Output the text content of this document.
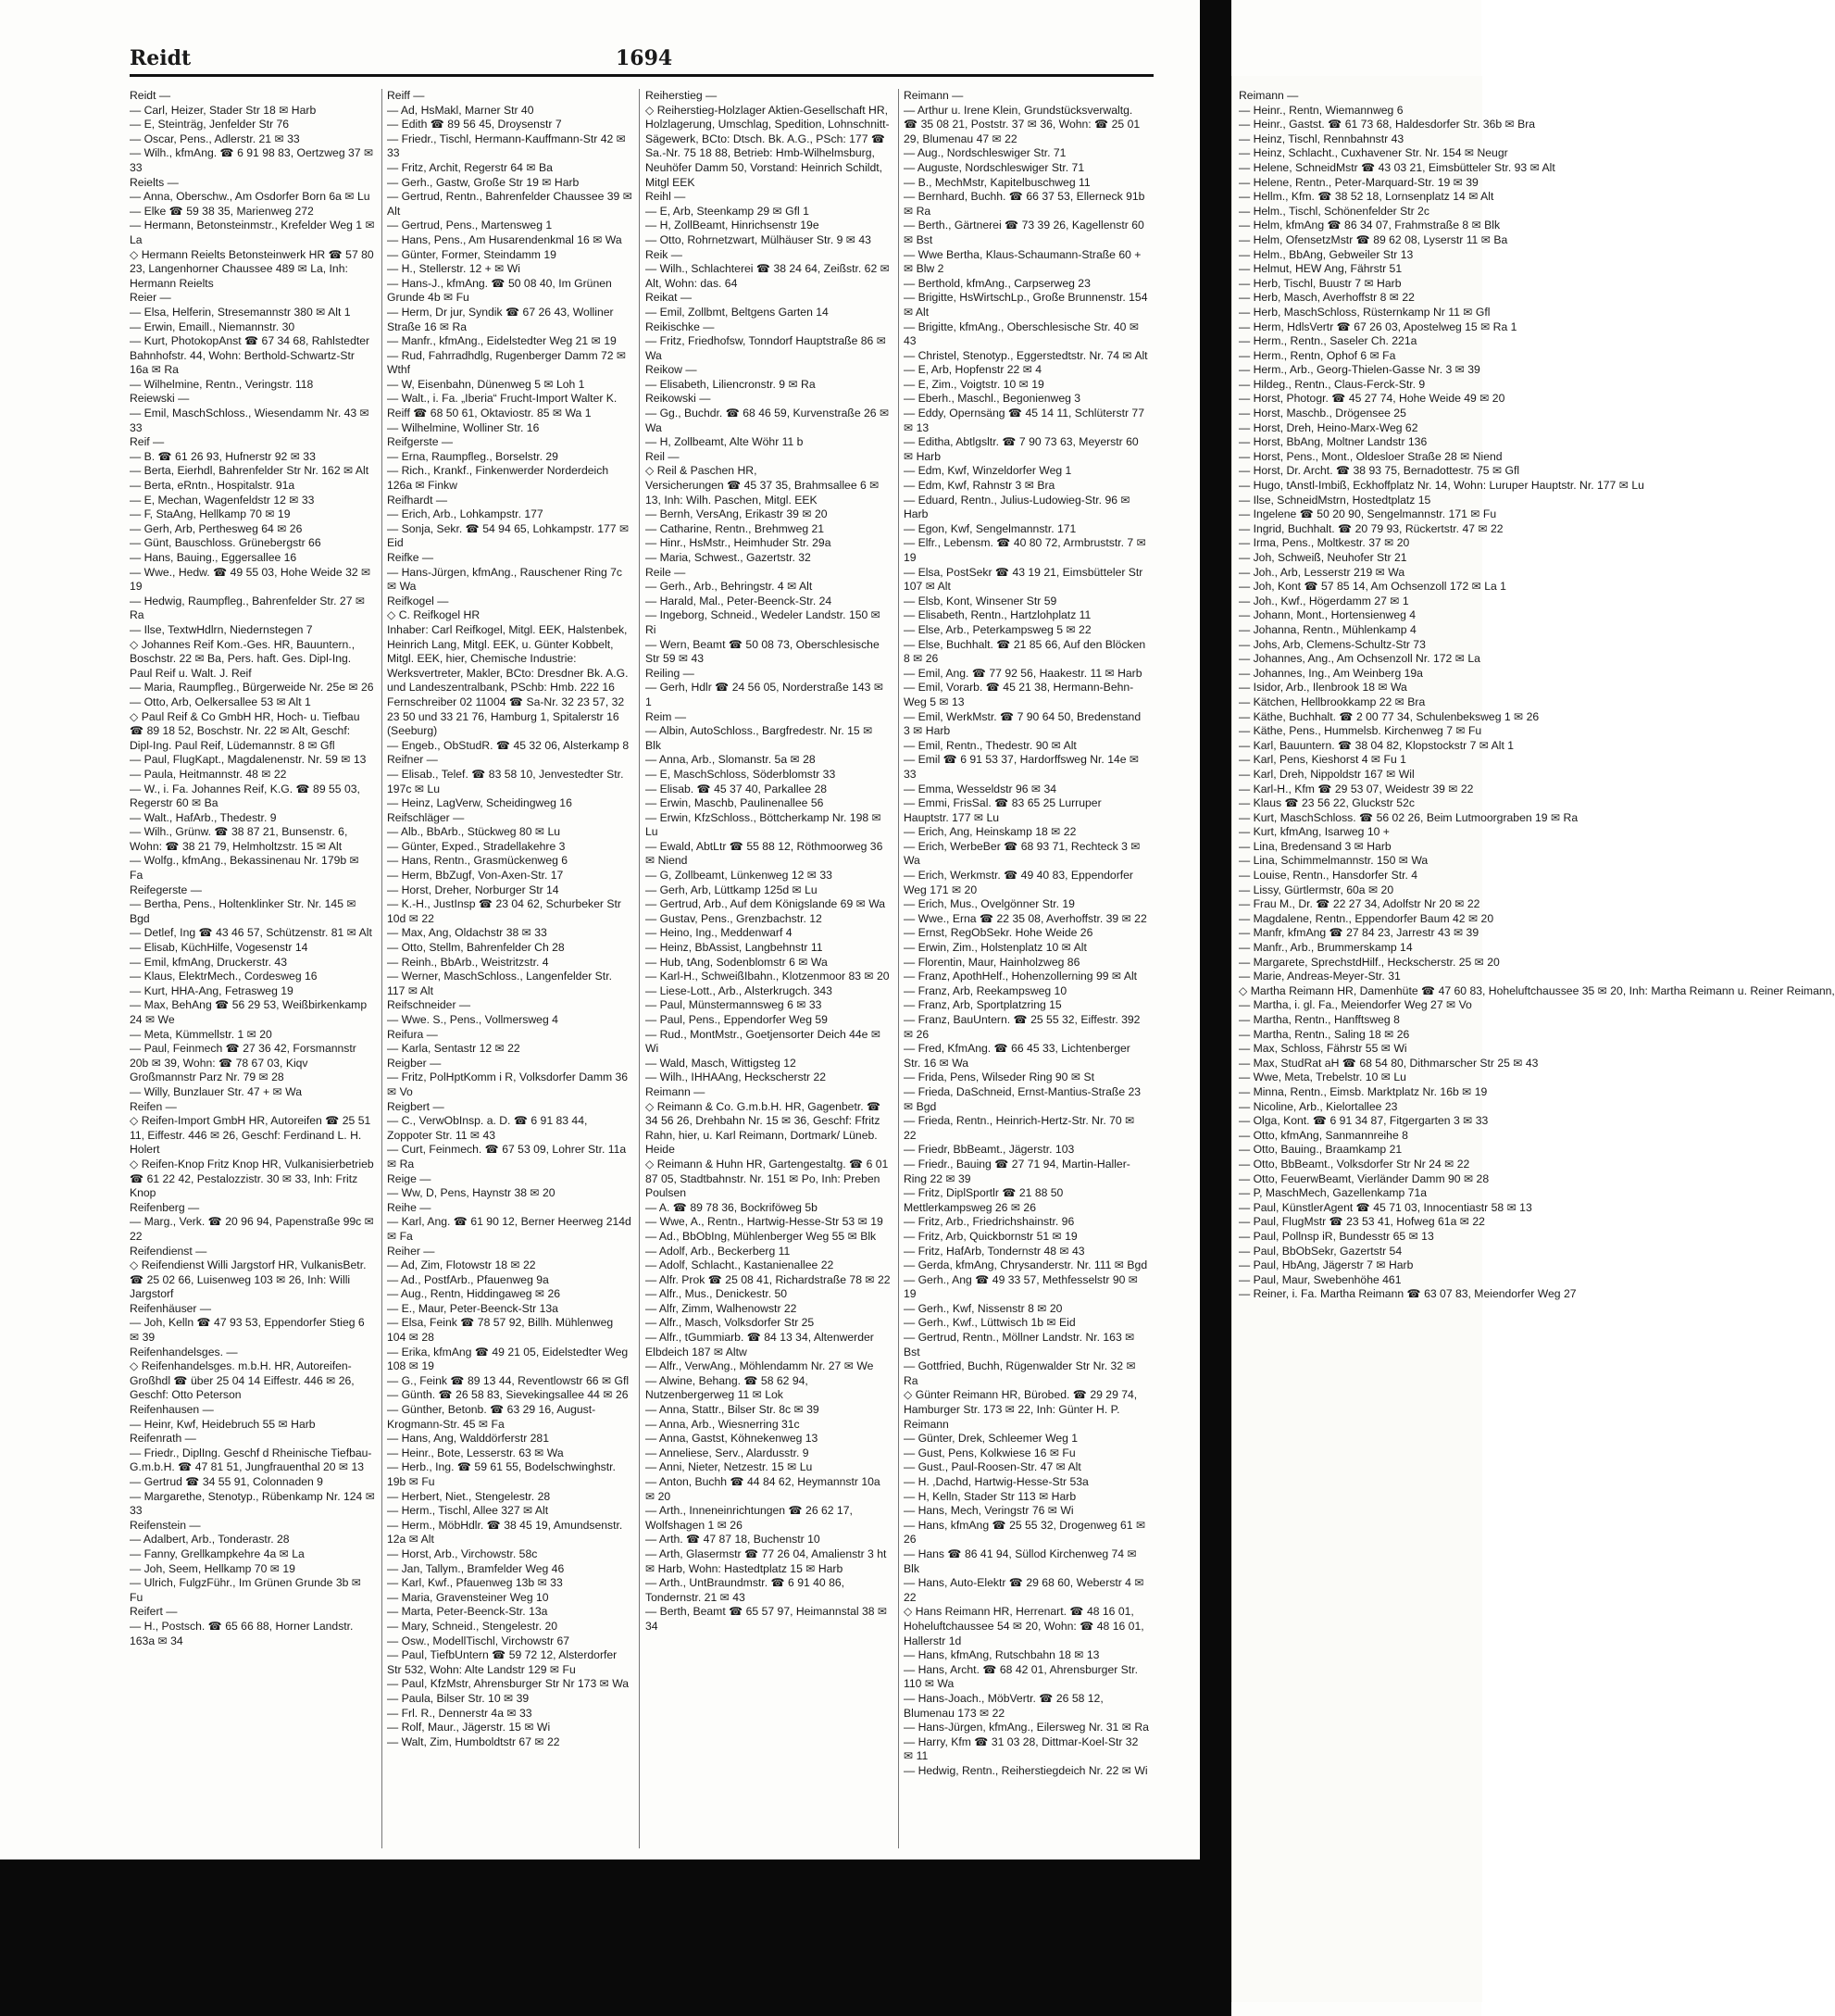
Reidt	1694

Reidt —

— Carl, Heizer, Stader Str 18 ✉ Harb

— E, Steinträg, Jenfelder Str 76

— Oscar, Pens., Adlerstr. 21 ✉ 33

— Wilh., kfmAng. ☎ 6 91 98 83, Oertzweg 37 ✉ 33

Reielts —

— Anna, Oberschw., Am Osdorfer Born 6a ✉ Lu

— Elke ☎ 59 38 35, Marienweg 272

— Hermann, Betonsteinmstr., Krefelder Weg 1 ✉ La

◇ Hermann Reielts Betonsteinwerk HR ☎ 57 80 23, Langenhorner Chaussee 489 ✉ La, Inh: Hermann Reielts

Reier —

— Elsa, Helferin, Stresemannstr 380 ✉ Alt 1

— Erwin, Emaill., Niemannstr. 30

— Kurt, PhotokopAnst ☎ 67 34 68, Rahlstedter Bahnhofstr. 44, Wohn: Berthold-Schwartz-Str 16a ✉ Ra

— Wilhelmine, Rentn., Veringstr. 118

Reiewski —

— Emil, MaschSchloss., Wiesendamm Nr. 43 ✉ 33

Reif —

— B. ☎ 61 26 93, Hufnerstr 92 ✉ 33

— Berta, Eierhdl, Bahrenfelder Str Nr. 162 ✉ Alt

— Berta, eRntn., Hospitalstr. 91a

— E, Mechan, Wagenfeldstr 12 ✉ 33

— F, StaAng, Hellkamp 70 ✉ 19

— Gerh, Arb, Perthesweg 64 ✉ 26

— Günt, Bauschloss. Grünebergstr 66

— Hans, Bauing., Eggersallee 16

— Wwe., Hedw. ☎ 49 55 03, Hohe Weide 32 ✉ 19

— Hedwig, Raumpfleg., Bahrenfelder Str. 27 ✉ Ra

— Ilse, TextwHdlrn, Niedernstegen 7

◇ Johannes Reif Kom.-Ges. HR, Bauuntern., Boschstr. 22 ✉ Ba, Pers. haft. Ges. Dipl-Ing. Paul Reif u. Walt. J. Reif

— Maria, Raumpfleg., Bürgerweide Nr. 25e ✉ 26

— Otto, Arb, Oelkersallee 53 ✉ Alt 1

◇ Paul Reif & Co GmbH HR, Hoch- u. Tiefbau ☎ 89 18 52, Boschstr. Nr. 22 ✉ Alt, Geschf: Dipl-Ing. Paul Reif, Lüdemannstr. 8 ✉ Gfl

— Paul, FlugKapt., Magdalenenstr. Nr. 59 ✉ 13

— Paula, Heitmannstr. 48 ✉ 22

— W., i. Fa. Johannes Reif, K.G. ☎ 89 55 03, Regerstr 60 ✉ Ba

— Walt., HafArb., Thedestr. 9

— Wilh., Grünw. ☎ 38 87 21, Bunsenstr. 6, Wohn: ☎ 38 21 79, Helmholtzstr. 15 ✉ Alt

— Wolfg., kfmAng., Bekassinenau Nr. 179b ✉ Fa

Reifegerste —

— Bertha, Pens., Holtenklinker Str. Nr. 145 ✉ Bgd

— Detlef, Ing ☎ 43 46 57, Schützenstr. 81 ✉ Alt

— Elisab, KüchHilfe, Vogesenstr 14

— Emil, kfmAng, Druckerstr. 43

— Klaus, ElektrMech., Cordesweg 16

— Kurt, HHA-Ang, Fetrasweg 19

— Max, BehAng ☎ 56 29 53, Weißbirkenkamp 24 ✉ We

— Meta, Kümmellstr. 1 ✉ 20

— Paul, Feinmech ☎ 27 36 42, Forsmannstr 20b ✉ 39, Wohn: ☎ 78 67 03, Kiqv Großmannstr Parz Nr. 79 ✉ 28

— Willy, Bunzlauer Str. 47 + ✉ Wa

Reifen —

◇ Reifen-Import GmbH HR, Autoreifen ☎ 25 51 11, Eiffestr. 446 ✉ 26, Geschf: Ferdinand L. H. Holert

◇ Reifen-Knop Fritz Knop HR, Vulkanisierbetrieb ☎ 61 22 42, Pestalozzistr. 30 ✉ 33, Inh: Fritz Knop

Reifenberg —

— Marg., Verk. ☎ 20 96 94, Papenstraße 99c ✉ 22

Reifendienst —

◇ Reifendienst Willi Jargstorf HR, VulkanisBetr. ☎ 25 02 66, Luisenweg 103 ✉ 26, Inh: Willi Jargstorf

Reifenhäuser —

— Joh, Kelln ☎ 47 93 53, Eppendorfer Stieg 6 ✉ 39

Reifenhandelsges. —

◇ Reifenhandelsges. m.b.H. HR, Autoreifen-Großhdl ☎ über 25 04 14 Eiffestr. 446 ✉ 26, Geschf: Otto Peterson

Reifenhausen —

— Heinr, Kwf, Heidebruch 55 ✉ Harb

Reifenrath —

— Friedr., DiplIng. Geschf d Rheinische Tiefbau-G.m.b.H. ☎ 47 81 51, Jungfrauenthal 20 ✉ 13

— Gertrud ☎ 34 55 91, Colonnaden 9

— Margarethe, Stenotyp., Rübenkamp Nr. 124 ✉ 33

Reifenstein —

— Adalbert, Arb., Tonderastr. 28

— Fanny, Grellkampkehre 4a ✉ La

— Joh, Seem, Hellkamp 70 ✉ 19

— Ulrich, FulgzFühr., Im Grünen Grunde 3b ✉ Fu

Reifert —

— H., Postsch. ☎ 65 66 88, Horner Landstr. 163a ✉ 34

Reiff —

— Ad, HsMakl, Marner Str 40

— Edith ☎ 89 56 45, Droysenstr 7

— Friedr., Tischl, Hermann-Kauffmann-Str 42 ✉ 33

— Fritz, Archit, Regerstr 64 ✉ Ba

— Gerh., Gastw, Große Str 19 ✉ Harb

— Gertrud, Rentn., Bahrenfelder Chaussee 39 ✉ Alt

— Gertrud, Pens., Martensweg 1

— Hans, Pens., Am Husarendenkmal 16 ✉ Wa

— Günter, Former, Steindamm 19

— H., Stellerstr. 12 + ✉ Wi

— Hans-J., kfmAng. ☎ 50 08 40, Im Grünen Grunde 4b ✉ Fu

— Herm, Dr jur, Syndik ☎ 67 26 43, Wolliner Straße 16 ✉ Ra

— Manfr., kfmAng., Eidelstedter Weg 21 ✉ 19

— Rud, Fahrradhdlg, Rugenberger Damm 72 ✉ Wthf

— W, Eisenbahn, Dünenweg 5 ✉ Loh 1

— Walt., i. Fa. „Iberia“ Frucht-Import Walter K. Reiff ☎ 68 50 61, Oktaviostr. 85 ✉ Wa 1

— Wilhelmine, Wolliner Str. 16

Reifgerste —

— Erna, Raumpfleg., Borselstr. 29

— Rich., Krankf., Finkenwerder Norderdeich 126a ✉ Finkw

Reifhardt —

— Erich, Arb., Lohkampstr. 177

— Sonja, Sekr. ☎ 54 94 65, Lohkampstr. 177 ✉ Eid

Reifke —

— Hans-Jürgen, kfmAng., Rauschener Ring 7c ✉ Wa

Reifkogel —

◇ C. Reifkogel HR

Inhaber: Carl Reifkogel, Mitgl. EEK, Halstenbek, Heinrich Lang, Mitgl. EEK, u. Günter Kobbelt, Mitgl. EEK, hier, Chemische Industrie: Werksvertreter, Makler, BCto: Dresdner Bk. A.G. und Landeszentralbank, PSchb: Hmb. 222 16 Fernschreiber 02 11004 ☎ Sa-Nr. 32 23 57, 32 23 50 und 33 21 76, Hamburg 1, Spitalerstr 16 (Seeburg)

— Engeb., ObStudR. ☎ 45 32 06, Alsterkamp 8

Reifner —

— Elisab., Telef. ☎ 83 58 10, Jenvestedter Str. 197c ✉ Lu

— Heinz, LagVerw, Scheidingweg 16

Reifschläger —

— Alb., BbArb., Stückweg 80 ✉ Lu

— Günter, Exped., Stradellakehre 3

— Hans, Rentn., Grasmückenweg 6

— Herm, BbZugf, Von-Axen-Str. 17

— Horst, Dreher, Norburger Str 14

— K.-H., JustInsp ☎ 23 04 62, Schurbeker Str 10d ✉ 22

— Max, Ang, Oldachstr 38 ✉ 33

— Otto, Stellm, Bahrenfelder Ch 28

— Reinh., BbArb., Weistritzstr. 4

— Werner, MaschSchloss., Langenfelder Str. 117 ✉ Alt

Reifschneider —

— Wwe. S., Pens., Vollmersweg 4

Reifura —

— Karla, Sentastr 12 ✉ 22

Reigber —

— Fritz, PolHptKomm i R, Volksdorfer Damm 36 ✉ Vo

Reigbert —

— C., VerwObInsp. a. D. ☎ 6 91 83 44, Zoppoter Str. 11 ✉ 43

— Curt, Feinmech. ☎ 67 53 09, Lohrer Str. 11a ✉ Ra

Reige —

— Ww, D, Pens, Haynstr 38 ✉ 20

Reihe —

— Karl, Ang. ☎ 61 90 12, Berner Heerweg 214d ✉ Fa

Reiher —

— Ad, Zim, Flotowstr 18 ✉ 22

— Ad., PostfArb., Pfauenweg 9a

— Aug., Rentn, Hiddingaweg ✉ 26

— E., Maur, Peter-Beenck-Str 13a

— Elsa, Feink ☎ 78 57 92, Billh. Mühlenweg 104 ✉ 28

— Erika, kfmAng ☎ 49 21 05, Eidelstedter Weg 108 ✉ 19

— G., Feink ☎ 89 13 44, Reventlowstr 66 ✉ Gfl

— Günth. ☎ 26 58 83, Sievekingsallee 44 ✉ 26

— Günther, Betonb. ☎ 63 29 16, August-Krogmann-Str. 45 ✉ Fa

— Hans, Ang, Walddörferstr 281

— Heinr., Bote, Lesserstr. 63 ✉ Wa

— Herb., Ing. ☎ 59 61 55, Bodelschwinghstr. 19b ✉ Fu

— Herbert, Niet., Stengelestr. 28

— Herm., Tischl, Allee 327 ✉ Alt

— Herm., MöbHdlr. ☎ 38 45 19, Amundsenstr. 12a ✉ Alt

— Horst, Arb., Virchowstr. 58c

— Jan, Tallym., Bramfelder Weg 46

— Karl, Kwf., Pfauenweg 13b ✉ 33

— Maria, Gravensteiner Weg 10

— Marta, Peter-Beenck-Str. 13a

— Mary, Schneid., Stengelestr. 20

— Osw., ModellTischl, Virchowstr 67

— Paul, TiefbUntern ☎ 59 72 12, Alsterdorfer Str 532, Wohn: Alte Landstr 129 ✉ Fu

— Paul, KfzMstr, Ahrensburger Str Nr 173 ✉ Wa

— Paula, Bilser Str. 10 ✉ 39

— Frl. R., Dennerstr 4a ✉ 33

— Rolf, Maur., Jägerstr. 15 ✉ Wi

— Walt, Zim, Humboldtstr 67 ✉ 22

Reiherstieg —

◇ Reiherstieg-Holzlager Aktien-Gesellschaft HR,

Holzlagerung, Umschlag, Spedition, Lohnschnitt-Sägewerk, BCto: Dtsch. Bk. A.G., PSch: 177 ☎ Sa.-Nr. 75 18 88, Betrieb: Hmb-Wilhelmsburg, Neuhöfer Damm 50, Vorstand: Heinrich Schildt, Mitgl EEK

Reihl —

— E, Arb, Steenkamp 29 ✉ Gfl 1

— H, ZollBeamt, Hinrichsenstr 19e

— Otto, Rohrnetzwart, Mülhäuser Str. 9 ✉ 43

Reik —

— Wilh., Schlachterei ☎ 38 24 64, Zeißstr. 62 ✉ Alt, Wohn: das. 64

Reikat —

— Emil, Zollbmt, Beltgens Garten 14

Reikischke —

— Fritz, Friedhofsw, Tonndorf Hauptstraße 86 ✉ Wa

Reikow —

— Elisabeth, Liliencronstr. 9 ✉ Ra

Reikowski —

— Gg., Buchdr. ☎ 68 46 59, Kurvenstraße 26 ✉ Wa

— H, Zollbeamt, Alte Wöhr 11 b

Reil —

◇ Reil & Paschen HR,

Versicherungen ☎ 45 37 35, Brahmsallee 6 ✉ 13, Inh: Wilh. Paschen, Mitgl. EEK

— Bernh, VersAng, Erikastr 39 ✉ 20

— Catharine, Rentn., Brehmweg 21

— Hinr., HsMstr., Heimhuder Str. 29a

— Maria, Schwest., Gazertstr. 32

Reile —

— Gerh., Arb., Behringstr. 4 ✉ Alt

— Harald, Mal., Peter-Beenck-Str. 24

— Ingeborg, Schneid., Wedeler Landstr. 150 ✉ Ri

— Wern, Beamt ☎ 50 08 73, Oberschlesische Str 59 ✉ 43

Reiling —

— Gerh, Hdlr ☎ 24 56 05, Norderstraße 143 ✉ 1

Reim —

— Albin, AutoSchloss., Bargfredestr. Nr. 15 ✉ Blk

— Anna, Arb., Slomanstr. 5a ✉ 28

— E, MaschSchloss, Söderblomstr 33

— Elisab. ☎ 45 37 40, Parkallee 28

— Erwin, Maschb, Paulinenallee 56

— Erwin, KfzSchloss., Böttcherkamp Nr. 198 ✉ Lu

— Ewald, AbtLtr ☎ 55 88 12, Röthmoorweg 36 ✉ Niend

— G, Zollbeamt, Lünkenweg 12 ✉ 33

— Gerh, Arb, Lüttkamp 125d ✉ Lu

— Gertrud, Arb., Auf dem Königslande 69 ✉ Wa

— Gustav, Pens., Grenzbachstr. 12

— Heino, Ing., Meddenwarf 4

— Heinz, BbAssist, Langbehnstr 11

— Hub, tAng, Sodenblomstr 6 ✉ Wa

— Karl-H., SchweißIbahn., Klotzenmoor 83 ✉ 20

— Liese-Lott., Arb., Alsterkrugch. 343

— Paul, Münstermannsweg 6 ✉ 33

— Paul, Pens., Eppendorfer Weg 59

— Rud., MontMstr., Goetjensorter Deich 44e ✉ Wi

— Wald, Masch, Wittigsteg 12

— Wilh., IHHAAng, Heckscherstr 22

Reimann —

◇ Reimann & Co. G.m.b.H. HR, Gagenbetr. ☎ 34 56 26, Drehbahn Nr. 15 ✉ 36, Geschf: Ffritz Rahn, hier, u. Karl Reimann, Dortmark/ Lüneb. Heide

◇ Reimann & Huhn HR, Gartengestaltg. ☎ 6 01 87 05, Stadtbahnstr. Nr. 151 ✉ Po, Inh: Preben Poulsen

— A. ☎ 89 78 36, Bockriföweg 5b

— Wwe, A., Rentn., Hartwig-Hesse-Str 53 ✉ 19

— Ad., BbObIng, Mühlenberger Weg 55 ✉ Blk

— Adolf, Arb., Beckerberg 11

— Adolf, Schlacht., Kastanienallee 22

— Alfr. Prok ☎ 25 08 41, Richardstraße 78 ✉ 22

— Alfr., Mus., Denickestr. 50

— Alfr, Zimm, Walhenowstr 22

— Alfr., Masch, Volksdorfer Str 25

— Alfr., tGummiarb. ☎ 84 13 34, Altenwerder Elbdeich 187 ✉ Altw

— Alfr., VerwAng., Möhlendamm Nr. 27 ✉ We

— Alwine, Behang. ☎ 58 62 94, Nutzenbergerweg 11 ✉ Lok

— Anna, Stattr., Bilser Str. 8c ✉ 39

— Anna, Arb., Wiesnerring 31c

— Anna, Gastst, Köhnekenweg 13

— Anneliese, Serv., Alardusstr. 9

— Anni, Nieter, Netzestr. 15 ✉ Lu

— Anton, Buchh ☎ 44 84 62, Heymannstr 10a ✉ 20

— Arth., Inneneinrichtungen ☎ 26 62 17, Wolfshagen 1 ✉ 26

— Arth. ☎ 47 87 18, Buchenstr 10

— Arth, Glasermstr ☎ 77 26 04, Amalienstr 3 ht ✉ Harb, Wohn: Hastedtplatz 15 ✉ Harb

— Arth., UntBraundmstr. ☎ 6 91 40 86, Tondernstr. 21 ✉ 43

— Berth, Beamt ☎ 65 57 97, Heimannstal 38 ✉ 34

Reimann —

— Arthur u. Irene Klein, Grundstücksverwaltg. ☎ 35 08 21, Poststr. 37 ✉ 36, Wohn: ☎ 25 01 29, Blumenau 47 ✉ 22

— Aug., Nordschleswiger Str. 71

— Auguste, Nordschleswiger Str. 71

— B., MechMstr, Kapitelbuschweg 11

— Bernhard, Buchh. ☎ 66 37 53, Ellerneck 91b ✉ Ra

— Berth., Gärtnerei ☎ 73 39 26, Kagellenstr 60 ✉ Bst

— Wwe Bertha, Klaus-Schaumann-Straße 60 + ✉ Blw 2

— Berthold, kfmAng., Carpserweg 23

— Brigitte, HsWirtschLp., Große Brunnenstr. 154 ✉ Alt

— Brigitte, kfmAng., Oberschlesische Str. 40 ✉ 43

— Christel, Stenotyp., Eggerstedtstr. Nr. 74 ✉ Alt

— E, Arb, Hopfenstr 22 ✉ 4

— E, Zim., Voigtstr. 10 ✉ 19

— Eberh., Maschl., Begonienweg 3

— Eddy, Opernsäng ☎ 45 14 11, Schlüterstr 77 ✉ 13

— Editha, Abtlgsltr. ☎ 7 90 73 63, Meyerstr 60 ✉ Harb

— Edm, Kwf, Winzeldorfer Weg 1

— Edm, Kwf, Rahnstr 3 ✉ Bra

— Eduard, Rentn., Julius-Ludowieg-Str. 96 ✉ Harb

— Egon, Kwf, Sengelmannstr. 171

— Elfr., Lebensm. ☎ 40 80 72, Armbruststr. 7 ✉ 19

— Elsa, PostSekr ☎ 43 19 21, Eimsbütteler Str 107 ✉ Alt

— Elsb, Kont, Winsener Str 59

— Elisabeth, Rentn., Hartzlohplatz 11

— Else, Arb., Peterkampsweg 5 ✉ 22

— Else, Buchhalt. ☎ 21 85 66, Auf den Blöcken 8 ✉ 26

— Emil, Ang. ☎ 77 92 56, Haakestr. 11 ✉ Harb

— Emil, Vorarb. ☎ 45 21 38, Hermann-Behn-Weg 5 ✉ 13

— Emil, WerkMstr. ☎ 7 90 64 50, Bredenstand 3 ✉ Harb

— Emil, Rentn., Thedestr. 90 ✉ Alt

— Emil ☎ 6 91 53 37, Hardorffsweg Nr. 14e ✉ 33

— Emma, Wesseldstr 96 ✉ 34

— Emmi, FrisSal. ☎ 83 65 25 Lurruper Hauptstr. 177 ✉ Lu

— Erich, Ang, Heinskamp 18 ✉ 22

— Erich, WerbeBer ☎ 68 93 71, Rechteck 3 ✉ Wa

— Erich, Werkmstr. ☎ 49 40 83, Eppendorfer Weg 171 ✉ 20

— Erich, Mus., Ovelgönner Str. 19

— Wwe., Erna ☎ 22 35 08, Averhoffstr. 39 ✉ 22

— Ernst, RegObSekr. Hohe Weide 26

— Erwin, Zim., Holstenplatz 10 ✉ Alt

— Florentin, Maur, Hainholzweg 86

— Franz, ApothHelf., Hohenzollerning 99 ✉ Alt

— Franz, Arb, Reekampsweg 10

— Franz, Arb, Sportplatzring 15

— Franz, BauUntern. ☎ 25 55 32, Eiffestr. 392 ✉ 26

— Fred, KfmAng. ☎ 66 45 33, Lichtenberger Str. 16 ✉ Wa

— Frida, Pens, Wilseder Ring 90 ✉ St

— Frieda, DaSchneid, Ernst-Mantius-Straße 23 ✉ Bgd

— Frieda, Rentn., Heinrich-Hertz-Str. Nr. 70 ✉ 22

— Friedr, BbBeamt., Jägerstr. 103

— Friedr., Bauing ☎ 27 71 94, Martin-Haller-Ring 22 ✉ 39

— Fritz, DiplSportlr ☎ 21 88 50 Mettlerkampsweg 26 ✉ 26

— Fritz, Arb., Friedrichshainstr. 96

— Fritz, Arb, Quickbornstr 51 ✉ 19

— Fritz, HafArb, Tondernstr 48 ✉ 43

— Gerda, kfmAng, Chrysanderstr. Nr. 111 ✉ Bgd

— Gerh., Ang ☎ 49 33 57, Methfesselstr 90 ✉ 19

— Gerh., Kwf, Nissenstr 8 ✉ 20

— Gerh., Kwf., Lüttwisch 1b ✉ Eid

— Gertrud, Rentn., Möllner Landstr. Nr. 163 ✉ Bst

— Gottfried, Buchh, Rügenwalder Str Nr. 32 ✉ Ra

◇ Günter Reimann HR, Bürobed. ☎ 29 29 74, Hamburger Str. 173 ✉ 22, Inh: Günter H. P. Reimann

— Günter, Drek, Schleemer Weg 1

— Gust, Pens, Kolkwiese 16 ✉ Fu

— Gust., Paul-Roosen-Str. 47 ✉ Alt

— H. ,Dachd, Hartwig-Hesse-Str 53a

— H, Kelln, Stader Str 113 ✉ Harb

— Hans, Mech, Veringstr 76 ✉ Wi

— Hans, kfmAng ☎ 25 55 32, Drogenweg 61 ✉ 26

— Hans ☎ 86 41 94, Süllod Kirchenweg 74 ✉ Blk

— Hans, Auto-Elektr ☎ 29 68 60, Weberstr 4 ✉ 22

◇ Hans Reimann HR, Herrenart. ☎ 48 16 01, Hoheluftchaussee 54 ✉ 20, Wohn: ☎ 48 16 01, Hallerstr 1d

— Hans, kfmAng, Rutschbahn 18 ✉ 13

— Hans, Archt. ☎ 68 42 01, Ahrensburger Str. 110 ✉ Wa

— Hans-Joach., MöbVertr. ☎ 26 58 12, Blumenau 173 ✉ 22

— Hans-Jürgen, kfmAng., Eilersweg Nr. 31 ✉ Ra

— Harry, Kfm ☎ 31 03 28, Dittmar-Koel-Str 32 ✉ 11

— Hedwig, Rentn., Reiherstiegdeich Nr. 22 ✉ Wi

Reimann —

— Heinr., Rentn, Wiemannweg 6

— Heinr., Gastst. ☎ 61 73 68, Haldesdorfer Str. 36b ✉ Bra

— Heinz, Tischl, Rennbahnstr 43

— Heinz, Schlacht., Cuxhavener Str. Nr. 154 ✉ Neugr

— Helene, SchneidMstr ☎ 43 03 21, Eimsbütteler Str. 93 ✉ Alt

— Helene, Rentn., Peter-Marquard-Str. 19 ✉ 39

— Hellm., Kfm. ☎ 38 52 18, Lornsenplatz 14 ✉ Alt

— Helm., Tischl, Schönenfelder Str 2c

— Helm, kfmAng ☎ 86 34 07, Frahmstraße 8 ✉ Blk

— Helm, OfensetzMstr ☎ 89 62 08, Lyserstr 11 ✉ Ba

— Helm., BbAng, Gebweiler Str 13

— Helmut, HEW Ang, Fährstr 51

— Herb, Tischl, Buustr 7 ✉ Harb

— Herb, Masch, Averhoffstr 8 ✉ 22

— Herb, MaschSchloss, Rüsternkamp Nr 11 ✉ Gfl

— Herm, HdlsVertr ☎ 67 26 03, Apostelweg 15 ✉ Ra 1

— Herm., Rentn., Saseler Ch. 221a

— Herm., Rentn, Ophof 6 ✉ Fa

— Herm., Arb., Georg-Thielen-Gasse Nr. 3 ✉ 39

— Hildeg., Rentn., Claus-Ferck-Str. 9

— Horst, Photogr. ☎ 45 27 74, Hohe Weide 49 ✉ 20

— Horst, Maschb., Drögensee 25

— Horst, Dreh, Heino-Marx-Weg 62

— Horst, BbAng, Moltner Landstr 136

— Horst, Pens., Mont., Oldesloer Straße 28 ✉ Niend

— Horst, Dr. Archt. ☎ 38 93 75, Bernadottestr. 75 ✉ Gfl

— Hugo, tAnstl-Imbiß, Eckhoffplatz Nr. 14, Wohn: Luruper Hauptstr. Nr. 177 ✉ Lu

— Ilse, SchneidMstrn, Hostedtplatz 15

— Ingelene ☎ 50 20 90, Sengelmannstr. 171 ✉ Fu

— Ingrid, Buchhalt. ☎ 20 79 93, Rückertstr. 47 ✉ 22

— Irma, Pens., Moltkestr. 37 ✉ 20

— Joh, Schweiß, Neuhofer Str 21

— Joh., Arb, Lesserstr 219 ✉ Wa

— Joh, Kont ☎ 57 85 14, Am Ochsenzoll 172 ✉ La 1

— Joh., Kwf., Högerdamm 27 ✉ 1

— Johann, Mont., Hortensienweg 4

— Johanna, Rentn., Mühlenkamp 4

— Johs, Arb, Clemens-Schultz-Str 73

— Johannes, Ang., Am Ochsenzoll Nr. 172 ✉ La

— Johannes, Ing., Am Weinberg 19a

— Isidor, Arb., Ilenbrook 18 ✉ Wa

— Kätchen, Hellbrookkamp 22 ✉ Bra

— Käthe, Buchhalt. ☎ 2 00 77 34, Schulenbeksweg 1 ✉ 26

— Käthe, Pens., Hummelsb. Kirchenweg 7 ✉ Fu

— Karl, Bauuntern. ☎ 38 04 82, Klopstockstr 7 ✉ Alt 1

— Karl, Pens, Kieshorst 4 ✉ Fu 1

— Karl, Dreh, Nippoldstr 167 ✉ Wil

— Karl-H., Kfm ☎ 29 53 07, Weidestr 39 ✉ 22

— Klaus ☎ 23 56 22, Gluckstr 52c

— Kurt, MaschSchloss. ☎ 56 02 26, Beim Lutmoorgraben 19 ✉ Ra

— Kurt, kfmAng, Isarweg 10 +

— Lina, Bredensand 3 ✉ Harb

— Lina, Schimmelmannstr. 150 ✉ Wa

— Louise, Rentn., Hansdorfer Str. 4

— Lissy, Gürtlermstr, 60a ✉ 20

— Frau M., Dr. ☎ 22 27 34, Adolfstr Nr 20 ✉ 22

— Magdalene, Rentn., Eppendorfer Baum 42 ✉ 20

— Manfr, kfmAng ☎ 27 84 23, Jarrestr 43 ✉ 39

— Manfr., Arb., Brummerskamp 14

— Margarete, SprechstdHilf., Heckscherstr. 25 ✉ 20

— Marie, Andreas-Meyer-Str. 31

◇ Martha Reimann HR, Damenhüte ☎ 47 60 83, Hoheluftchaussee 35 ✉ 20, Inh: Martha Reimann u. Reiner Reimann,

— Martha, i. gl. Fa., Meiendorfer Weg 27 ✉ Vo

— Martha, Rentn., Hanfftsweg 8

— Martha, Rentn., Saling 18 ✉ 26

— Max, Schloss, Fährstr 55 ✉ Wi

— Max, StudRat aH ☎ 68 54 80, Dithmarscher Str 25 ✉ 43

— Wwe, Meta, Trebelstr. 10 ✉ Lu

— Minna, Rentn., Eimsb. Marktplatz Nr. 16b ✉ 19

— Nicoline, Arb., Kielortallee 23

— Olga, Kont. ☎ 6 91 34 87, Fitgergarten 3 ✉ 33

— Otto, kfmAng, Sanmannreihe 8

— Otto, Bauing., Braamkamp 21

— Otto, BbBeamt., Volksdorfer Str Nr 24 ✉ 22

— Otto, FeuerwBeamt, Vierländer Damm 90 ✉ 28

— P, MaschMech, Gazellenkamp 71a

— Paul, KünstlerAgent ☎ 45 71 03, Innocentiastr 58 ✉ 13

— Paul, FlugMstr ☎ 23 53 41, Hofweg 61a ✉ 22

— Paul, Pollnsp iR, Bundesstr 65 ✉ 13

— Paul, BbObSekr, Gazertstr 54

— Paul, HbAng, Jägerstr 7 ✉ Harb

— Paul, Maur, Swebenhöhe 461

— Reiner, i. Fa. Martha Reimann ☎ 63 07 83, Meiendorfer Weg 27
